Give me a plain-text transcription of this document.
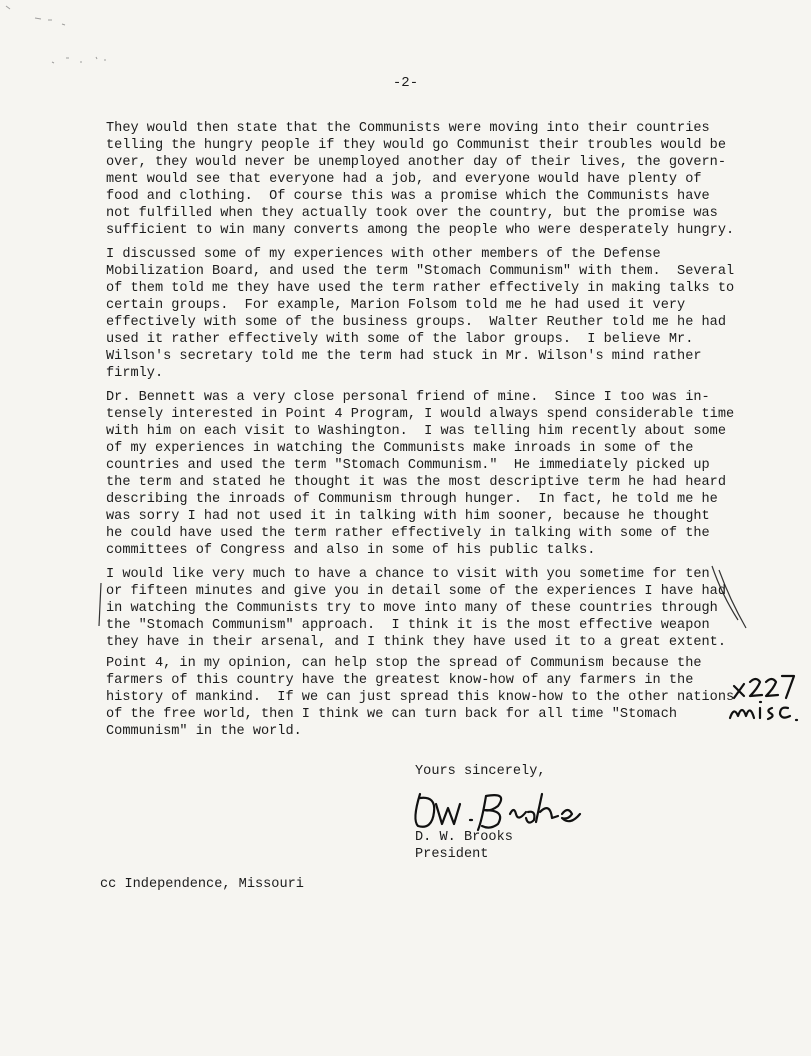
-2-
They would then state that the Communists were moving into their countries
telling the hungry people if they would go Communist their troubles would be
over, they would never be unemployed another day of their lives, the govern-
ment would see that everyone had a job, and everyone would have plenty of
food and clothing.  Of course this was a promise which the Communists have
not fulfilled when they actually took over the country, but the promise was
sufficient to win many converts among the people who were desperately hungry.
I discussed some of my experiences with other members of the Defense
Mobilization Board, and used the term "Stomach Communism" with them.  Several
of them told me they have used the term rather effectively in making talks to
certain groups.  For example, Marion Folsom told me he had used it very
effectively with some of the business groups.  Walter Reuther told me he had
used it rather effectively with some of the labor groups.  I believe Mr.
Wilson's secretary told me the term had stuck in Mr. Wilson's mind rather
firmly.
Dr. Bennett was a very close personal friend of mine.  Since I too was in-
tensely interested in Point 4 Program, I would always spend considerable time
with him on each visit to Washington.  I was telling him recently about some
of my experiences in watching the Communists make inroads in some of the
countries and used the term "Stomach Communism."  He immediately picked up
the term and stated he thought it was the most descriptive term he had heard
describing the inroads of Communism through hunger.  In fact, he told me he
was sorry I had not used it in talking with him sooner, because he thought
he could have used the term rather effectively in talking with some of the
committees of Congress and also in some of his public talks.
I would like very much to have a chance to visit with you sometime for ten
or fifteen minutes and give you in detail some of the experiences I have had
in watching the Communists try to move into many of these countries through
the "Stomach Communism" approach.  I think it is the most effective weapon
they have in their arsenal, and I think they have used it to a great extent.
Point 4, in my opinion, can help stop the spread of Communism because the
farmers of this country have the greatest know-how of any farmers in the
history of mankind.  If we can just spread this know-how to the other nations
of the free world, then I think we can turn back for all time "Stomach
Communism" in the world.
Yours sincerely,
D. W. Brooks
President
cc Independence, Missouri
